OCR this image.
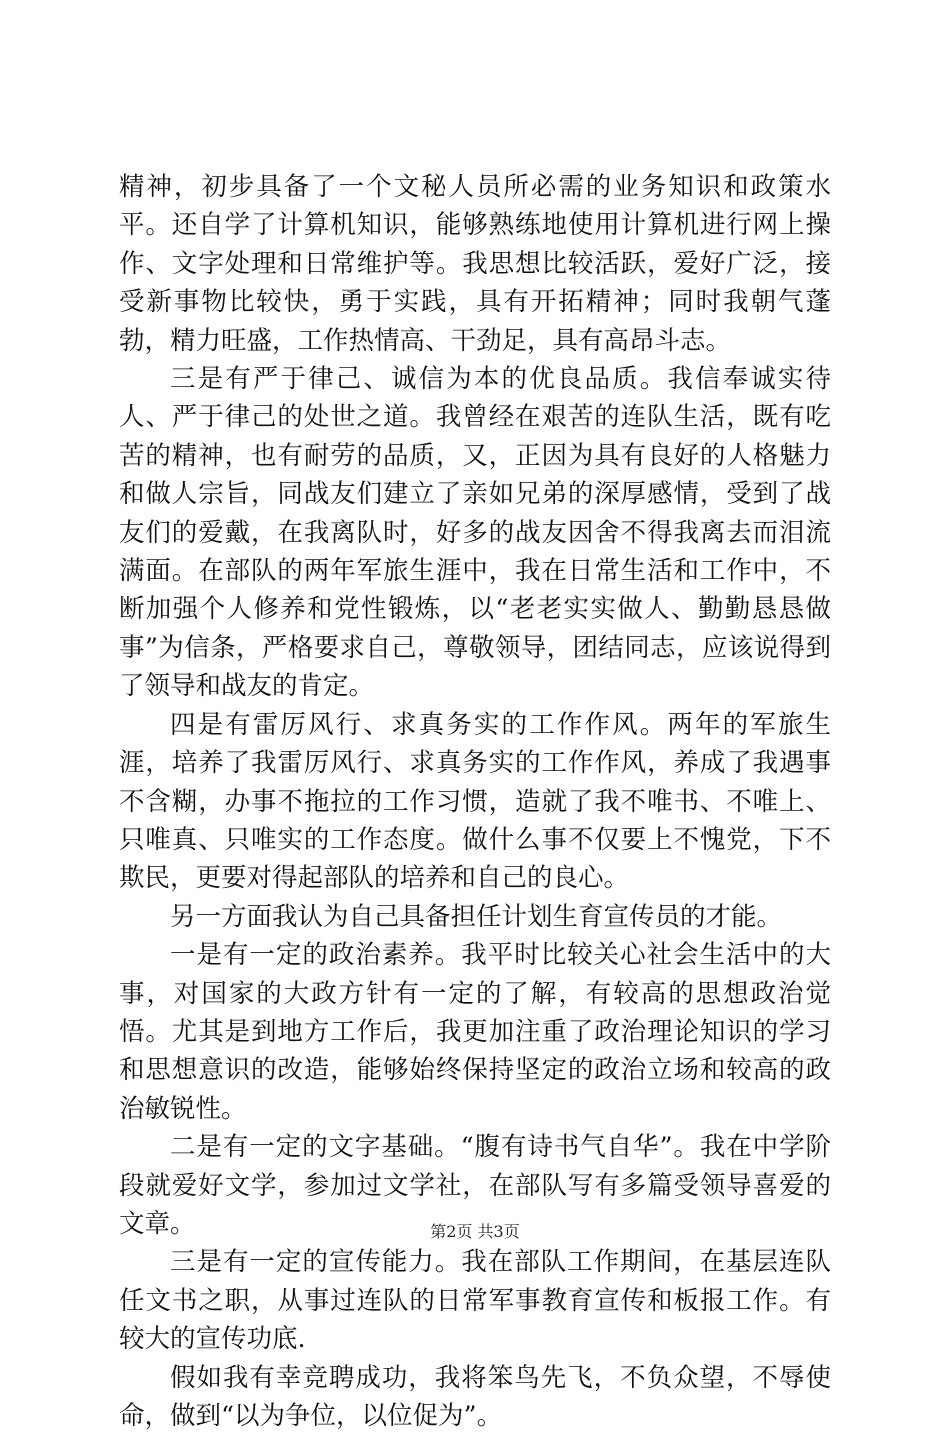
精神，初步具备了一个文秘人员所必需的业务知识和政策水平。还自学了计算机知识，能够熟练地使用计算机进行网上操作、文字处理和日常维护等。我思想比较活跃，爱好广泛，接受新事物比较快，勇于实践，具有开拓精神；同时我朝气蓬勃，精力旺盛，工作热情高、干劲足，具有高昂斗志。

三是有严于律己、诚信为本的优良品质。我信奉诚实待人、严于律己的处世之道。我曾经在艰苦的连队生活，既有吃苦的精神，也有耐劳的品质，又，正因为具有良好的人格魅力和做人宗旨，同战友们建立了亲如兄弟的深厚感情，受到了战友们的爱戴，在我离队时，好多的战友因舍不得我离去而泪流满面。在部队的两年军旅生涯中，我在日常生活和工作中，不断加强个人修养和党性锻炼，以“老老实实做人、勤勤恳恳做事”为信条，严格要求自己，尊敬领导，团结同志，应该说得到了领导和战友的肯定。

四是有雷厉风行、求真务实的工作作风。两年的军旅生涯，培养了我雷厉风行、求真务实的工作作风，养成了我遇事不含糊，办事不拖拉的工作习惯，造就了我不唯书、不唯上、只唯真、只唯实的工作态度。做什么事不仅要上不愧党，下不欺民，更要对得起部队的培养和自己的良心。

另一方面我认为自己具备担任计划生育宣传员的才能。

一是有一定的政治素养。我平时比较关心社会生活中的大事，对国家的大政方针有一定的了解，有较高的思想政治觉悟。尤其是到地方工作后，我更加注重了政治理论知识的学习和思想意识的改造，能够始终保持坚定的政治立场和较高的政治敏锐性。

二是有一定的文字基础。“腹有诗书气自华”。我在中学阶段就爱好文学，参加过文学社，在部队写有多篇受领导喜爱的文章。

三是有一定的宣传能力。我在部队工作期间，在基层连队任文书之职，从事过连队的日常军事教育宣传和板报工作。有较大的宣传功底.

假如我有幸竞聘成功，我将笨鸟先飞，不负众望，不辱使命，做到“以为争位，以位促为”。

第2页 共3页
